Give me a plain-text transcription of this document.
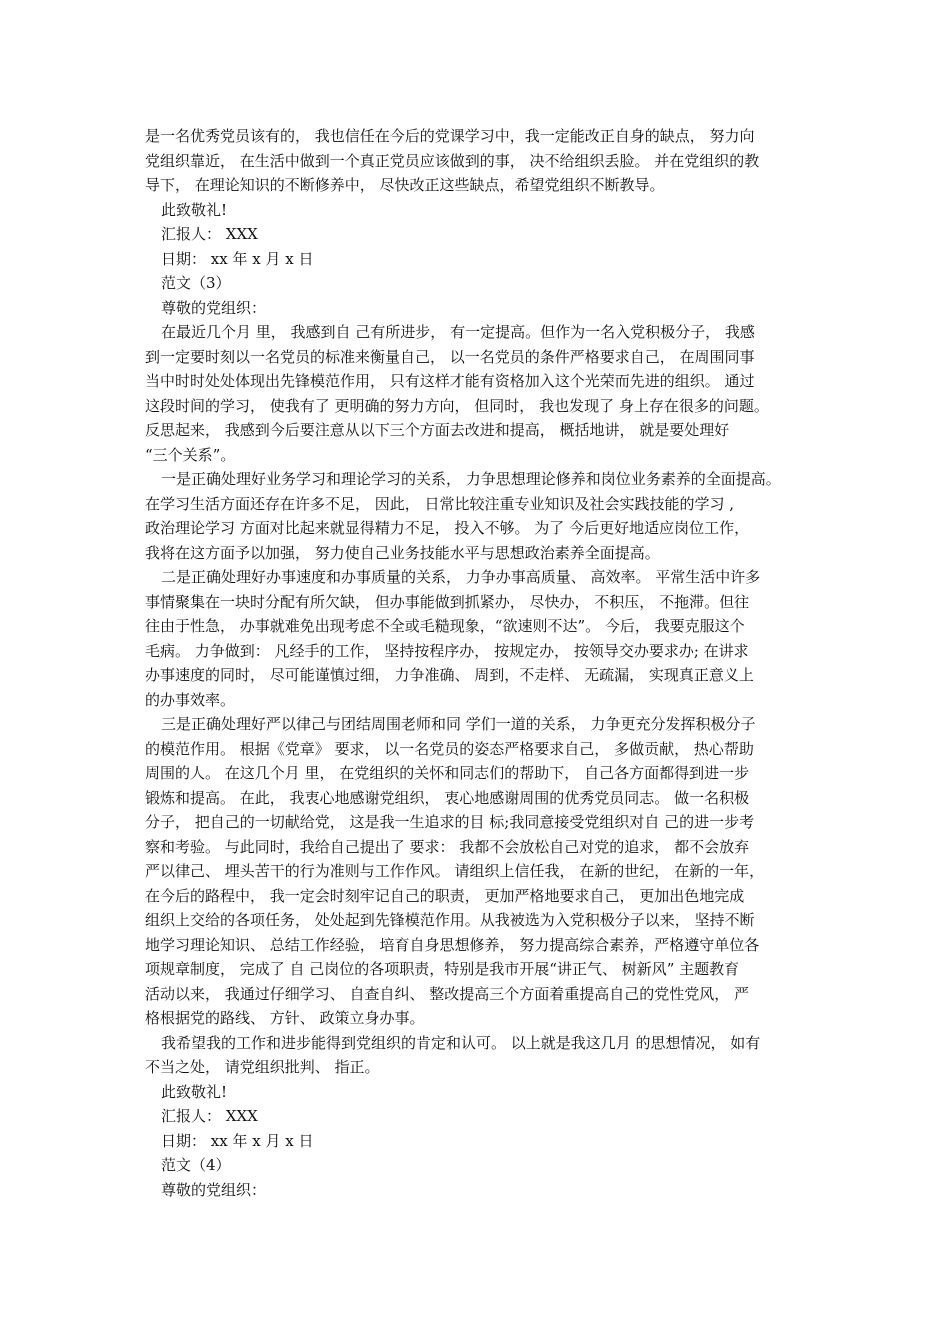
是一名优秀党员该有的， 我也信任在今后的党课学习中，我一定能改正自身的缺点， 努力向
党组织靠近， 在生活中做到一个真正党员应该做到的事， 决不给组织丢脸。 并在党组织的教
导下， 在理论知识的不断修养中， 尽快改正这些缺点，希望党组织不断教导。
此致敬礼!
汇报人： XXX
日期： xx 年 x 月 x 日
范文（3）
尊敬的党组织：
在最近几个月 里， 我感到自 己有所进步， 有一定提高。但作为一名入党积极分子， 我感
到一定要时刻以一名党员的标准来衡量自己， 以一名党员的条件严格要求自己， 在周围同事
当中时时处处体现出先锋模范作用， 只有这样才能有资格加入这个光荣而先进的组织。 通过
这段时间的学习， 使我有了 更明确的努力方向， 但同时， 我也发现了 身上存在很多的问题。
反思起来， 我感到今后要注意从以下三个方面去改进和提高， 概括地讲， 就是要处理好
“三个关系”。
一是正确处理好业务学习和理论学习的关系， 力争思想理论修养和岗位业务素养的全面提高。
在学习生活方面还存在许多不足， 因此， 日常比较注重专业知识及社会实践技能的学习 ,
政治理论学习 方面对比起来就显得精力不足， 投入不够。 为了 今后更好地适应岗位工作，
我将在这方面予以加强， 努力使自己业务技能水平与思想政治素养全面提高。
二是正确处理好办事速度和办事质量的关系， 力争办事高质量、 高效率。 平常生活中许多
事情聚集在一块时分配有所欠缺， 但办事能做到抓紧办， 尽快办， 不积压， 不拖滞。但往
往由于性急， 办事就难免出现考虑不全或毛糙现象，“欲速则不达”。 今后， 我要克服这个
毛病。 力争做到： 凡经手的工作， 坚持按程序办， 按规定办， 按领导交办要求办; 在讲求
办事速度的同时， 尽可能谨慎过细， 力争准确、 周到，不走样、 无疏漏， 实现真正意义上
的办事效率。
三是正确处理好严以律己与团结周围老师和同 学们一道的关系， 力争更充分发挥积极分子
的模范作用。 根据《党章》 要求， 以一名党员的姿态严格要求自己， 多做贡献， 热心帮助
周围的人。 在这几个月 里， 在党组织的关怀和同志们的帮助下， 自己各方面都得到进一步
锻炼和提高。 在此， 我衷心地感谢党组织， 衷心地感谢周围的优秀党员同志。 做一名积极
分子， 把自己的一切献给党， 这是我一生追求的目 标;我同意接受党组织对自 己的进一步考
察和考验。 与此同时，我给自己提出了 要求： 我都不会放松自己对党的追求， 都不会放弃
严以律己、 埋头苦干的行为准则与工作作风。 请组织上信任我， 在新的世纪， 在新的一年，
在今后的路程中， 我一定会时刻牢记自己的职责， 更加严格地要求自己， 更加出色地完成
组织上交给的各项任务， 处处起到先锋模范作用。从我被选为入党积极分子以来， 坚持不断
地学习理论知识、 总结工作经验， 培育自身思想修养， 努力提高综合素养，严格遵守单位各
项规章制度， 完成了 自 己岗位的各项职责，特别是我市开展“讲正气、 树新风” 主题教育
活动以来， 我通过仔细学习、 自查自纠、 整改提高三个方面着重提高自己的党性党风， 严
格根据党的路线、 方针、 政策立身办事。
我希望我的工作和进步能得到党组织的肯定和认可。 以上就是我这几月 的思想情况， 如有
不当之处， 请党组织批判、 指正。
此致敬礼!
汇报人： XXX
日期： xx 年 x 月 x 日
范文（4）
尊敬的党组织：
